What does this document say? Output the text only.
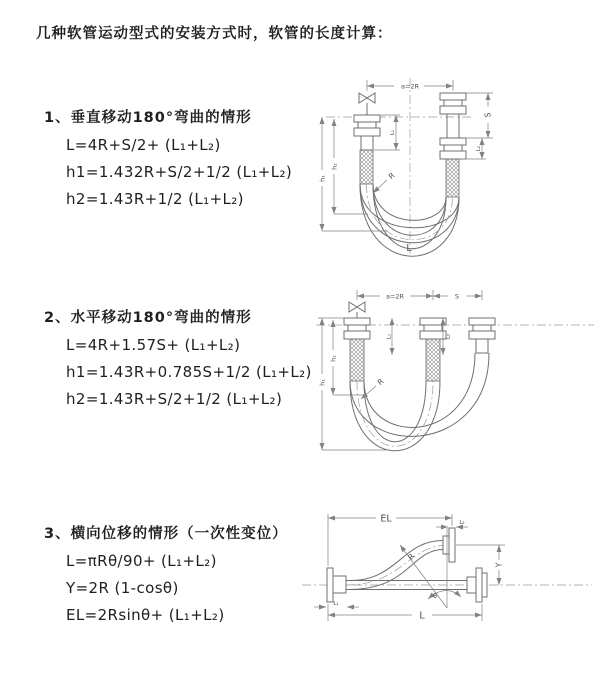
几种软管运动型式的安装方式时，软管的长度计算：
1、垂直移动180°弯曲的情形
L=4R+S/2+ (L₁+L₂)
h1=1.432R+S/2+1/2 (L₁+L₂)
h2=1.43R+1/2 (L₁+L₂)
2、水平移动180°弯曲的情形
L=4R+1.57S+ (L₁+L₂)
h1=1.43R+0.785S+1/2 (L₁+L₂)
h2=1.43R+S/2+1/2 (L₁+L₂)
3、横向位移的情形（一次性变位）
L=πRθ/90+ (L₁+L₂)
Y=2R (1-cosθ)
EL=2Rsinθ+ (L₁+L₂)
a=2R
S
L₂
L₁
h₁
h₂
R
L
a=2R	S
L₁	L₂
h₁
h₂
R
EL	L₂
Y
L
L₁
R
θ
